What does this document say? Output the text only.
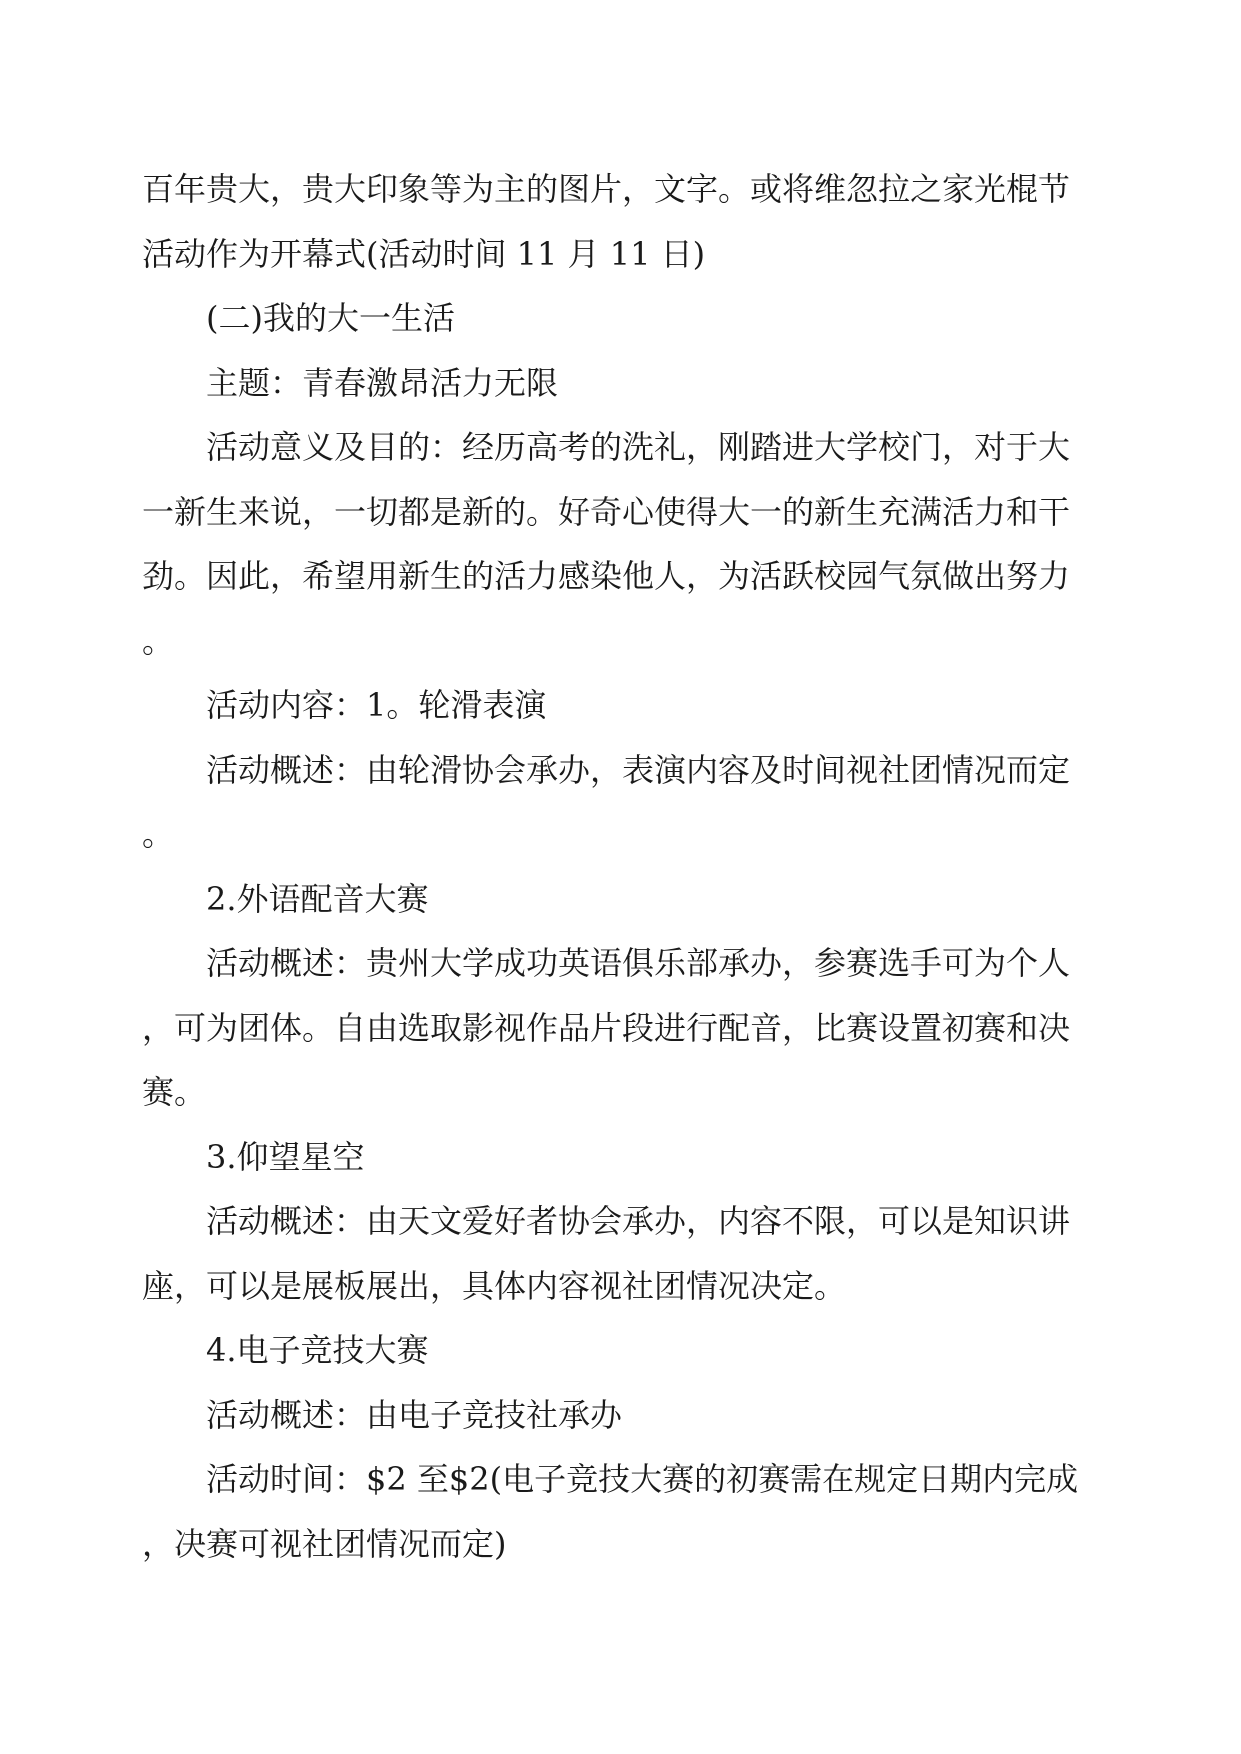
百年贵大，贵大印象等为主的图片，文字。或将维忽拉之家光棍节
活动作为开幕式(活动时间 11 月 11 日)
(二)我的大一生活
主题：青春激昂活力无限
活动意义及目的：经历高考的洗礼，刚踏进大学校门，对于大
一新生来说，一切都是新的。好奇心使得大一的新生充满活力和干
劲。因此，希望用新生的活力感染他人，为活跃校园气氛做出努力
。
活动内容：1。轮滑表演
活动概述：由轮滑协会承办，表演内容及时间视社团情况而定
。
2.外语配音大赛
活动概述：贵州大学成功英语俱乐部承办，参赛选手可为个人
，可为团体。自由选取影视作品片段进行配音，比赛设置初赛和决
赛。
3.仰望星空
活动概述：由天文爱好者协会承办，内容不限，可以是知识讲
座，可以是展板展出，具体内容视社团情况决定。
4.电子竞技大赛
活动概述：由电子竞技社承办
活动时间：$2 至$2(电子竞技大赛的初赛需在规定日期内完成
，决赛可视社团情况而定)
